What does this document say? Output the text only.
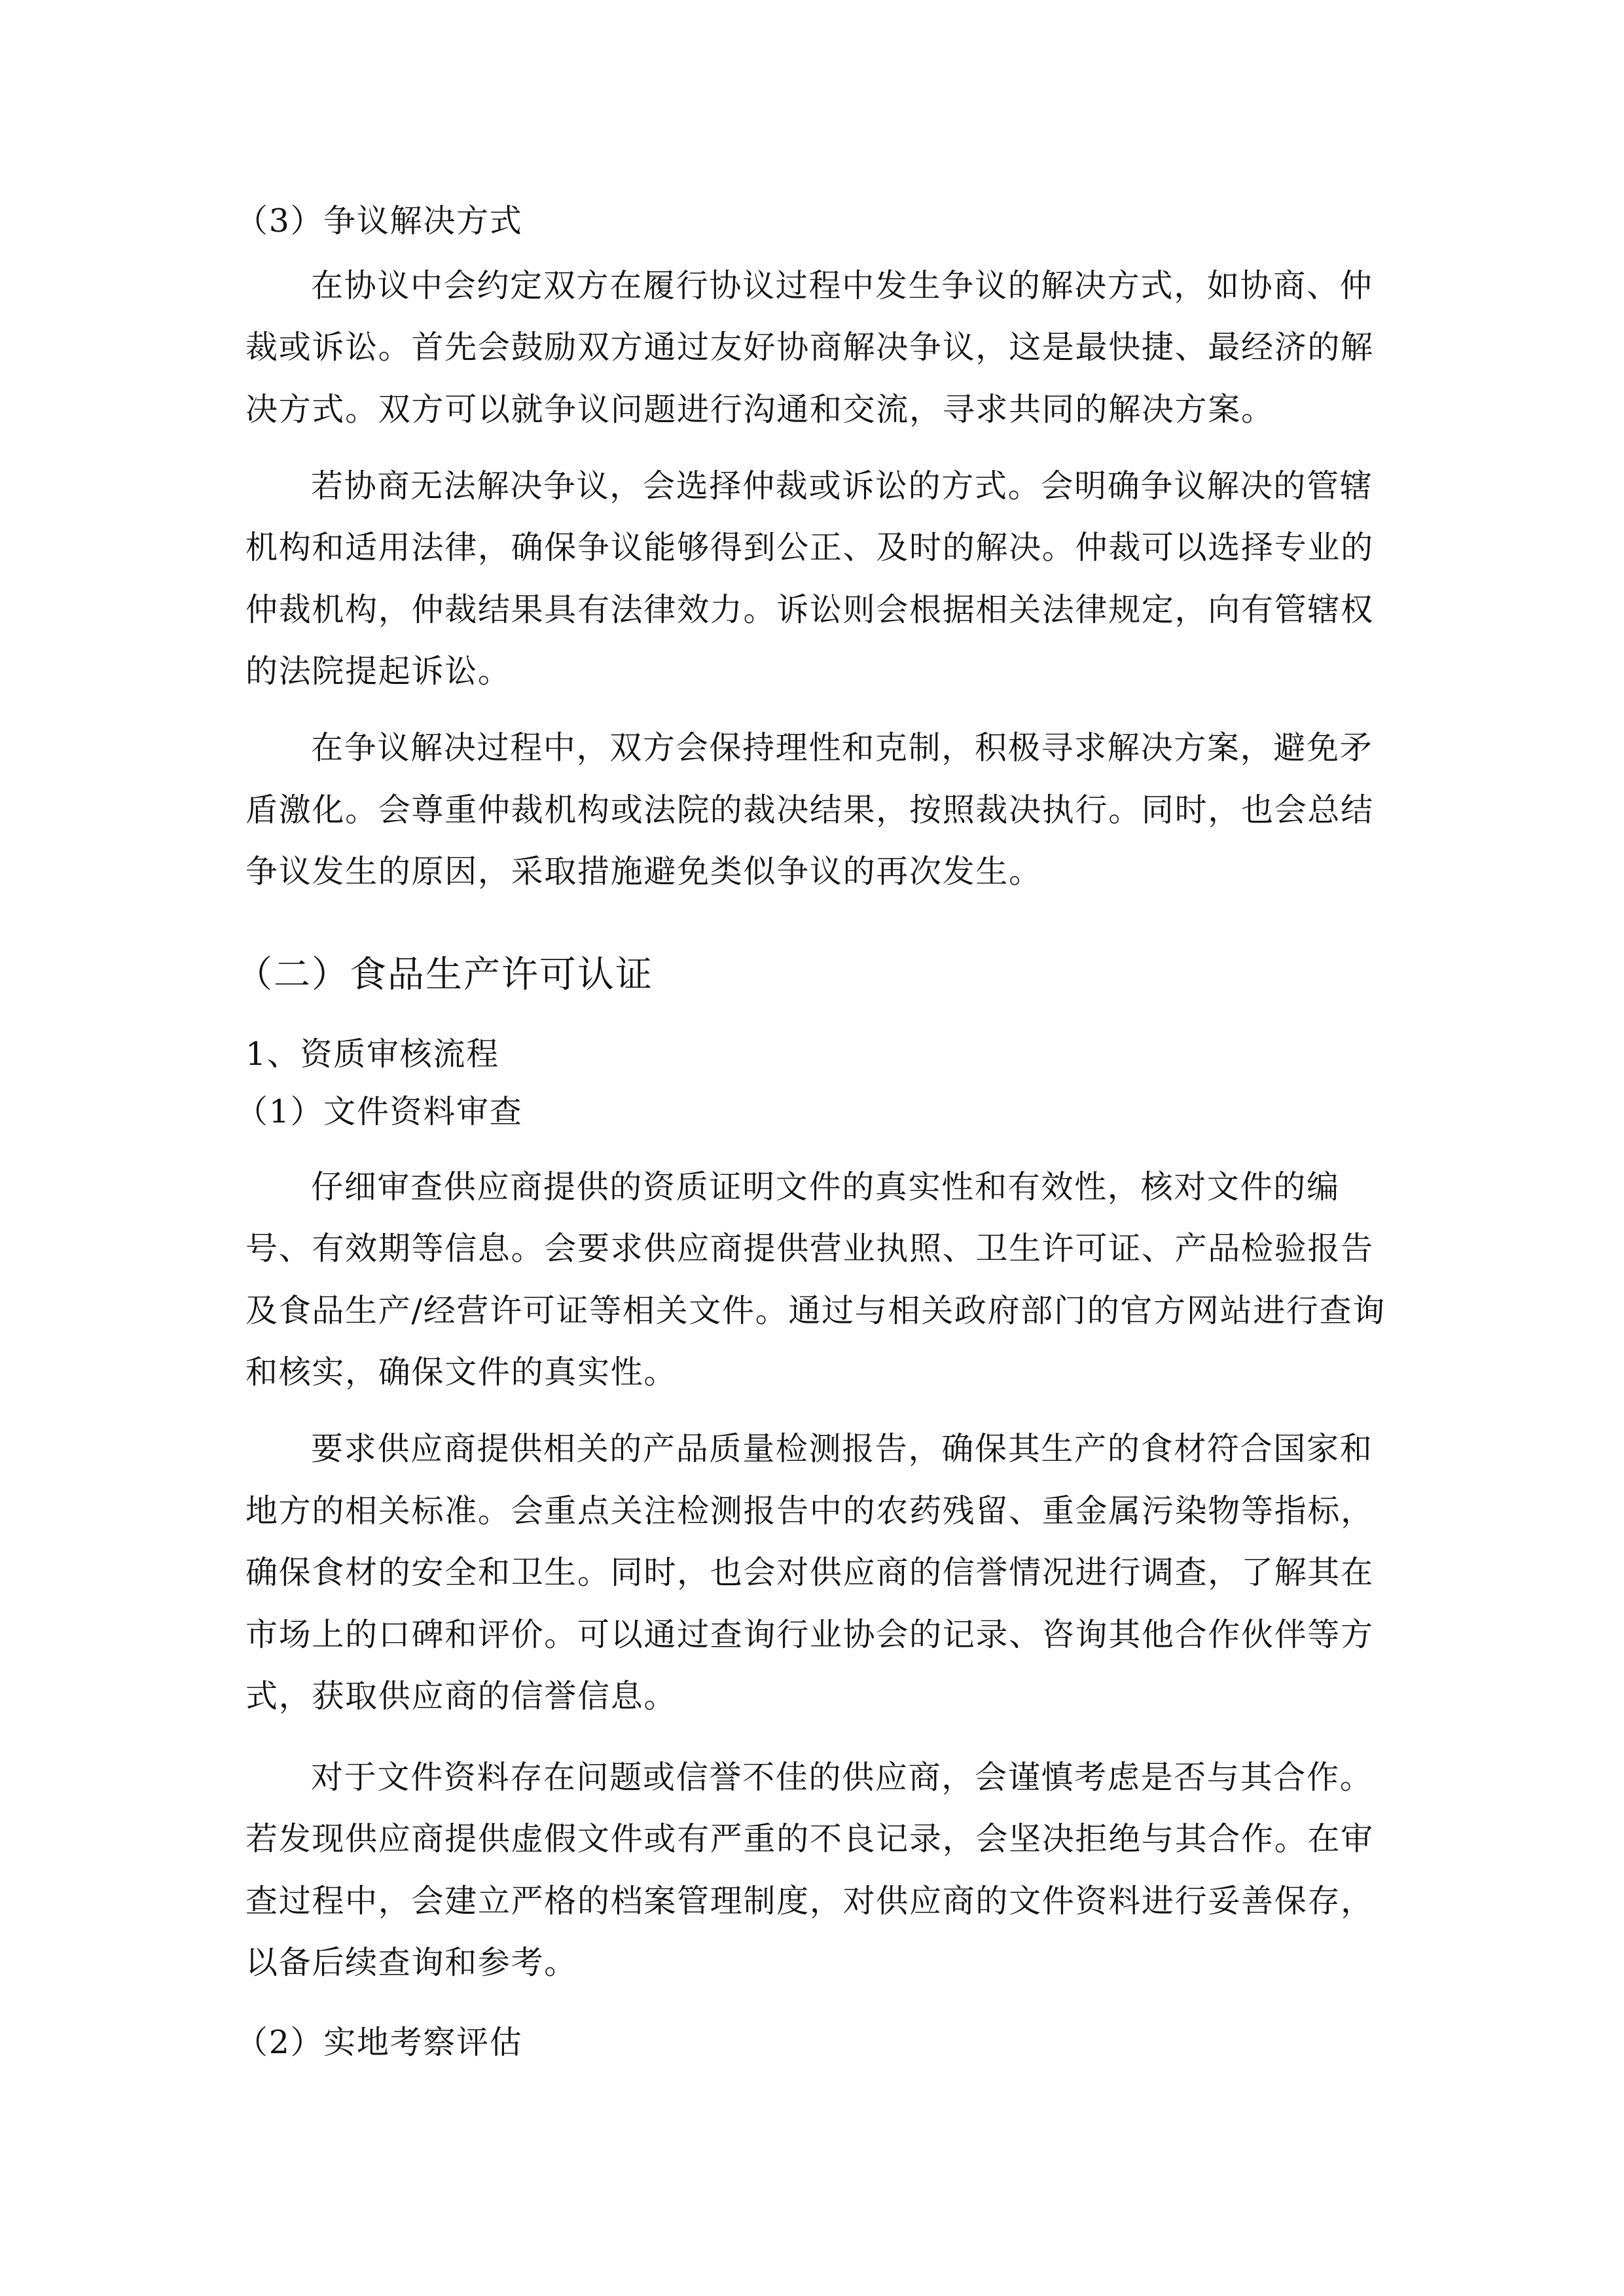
（3）争议解决方式
在协议中会约定双方在履行协议过程中发生争议的解决方式，如协商、仲
裁或诉讼。首先会鼓励双方通过友好协商解决争议，这是最快捷、最经济的解
决方式。双方可以就争议问题进行沟通和交流，寻求共同的解决方案。
若协商无法解决争议，会选择仲裁或诉讼的方式。会明确争议解决的管辖
机构和适用法律，确保争议能够得到公正、及时的解决。仲裁可以选择专业的
仲裁机构，仲裁结果具有法律效力。诉讼则会根据相关法律规定，向有管辖权
的法院提起诉讼。
在争议解决过程中，双方会保持理性和克制，积极寻求解决方案，避免矛
盾激化。会尊重仲裁机构或法院的裁决结果，按照裁决执行。同时，也会总结
争议发生的原因，采取措施避免类似争议的再次发生。
（二）食品生产许可认证
1、资质审核流程
（1）文件资料审查
仔细审查供应商提供的资质证明文件的真实性和有效性，核对文件的编
号、有效期等信息。会要求供应商提供营业执照、卫生许可证、产品检验报告
及食品生产/经营许可证等相关文件。通过与相关政府部门的官方网站进行查询
和核实，确保文件的真实性。
要求供应商提供相关的产品质量检测报告，确保其生产的食材符合国家和
地方的相关标准。会重点关注检测报告中的农药残留、重金属污染物等指标，
确保食材的安全和卫生。同时，也会对供应商的信誉情况进行调查，了解其在
市场上的口碑和评价。可以通过查询行业协会的记录、咨询其他合作伙伴等方
式，获取供应商的信誉信息。
对于文件资料存在问题或信誉不佳的供应商，会谨慎考虑是否与其合作。
若发现供应商提供虚假文件或有严重的不良记录，会坚决拒绝与其合作。在审
查过程中，会建立严格的档案管理制度，对供应商的文件资料进行妥善保存，
以备后续查询和参考。
（2）实地考察评估
